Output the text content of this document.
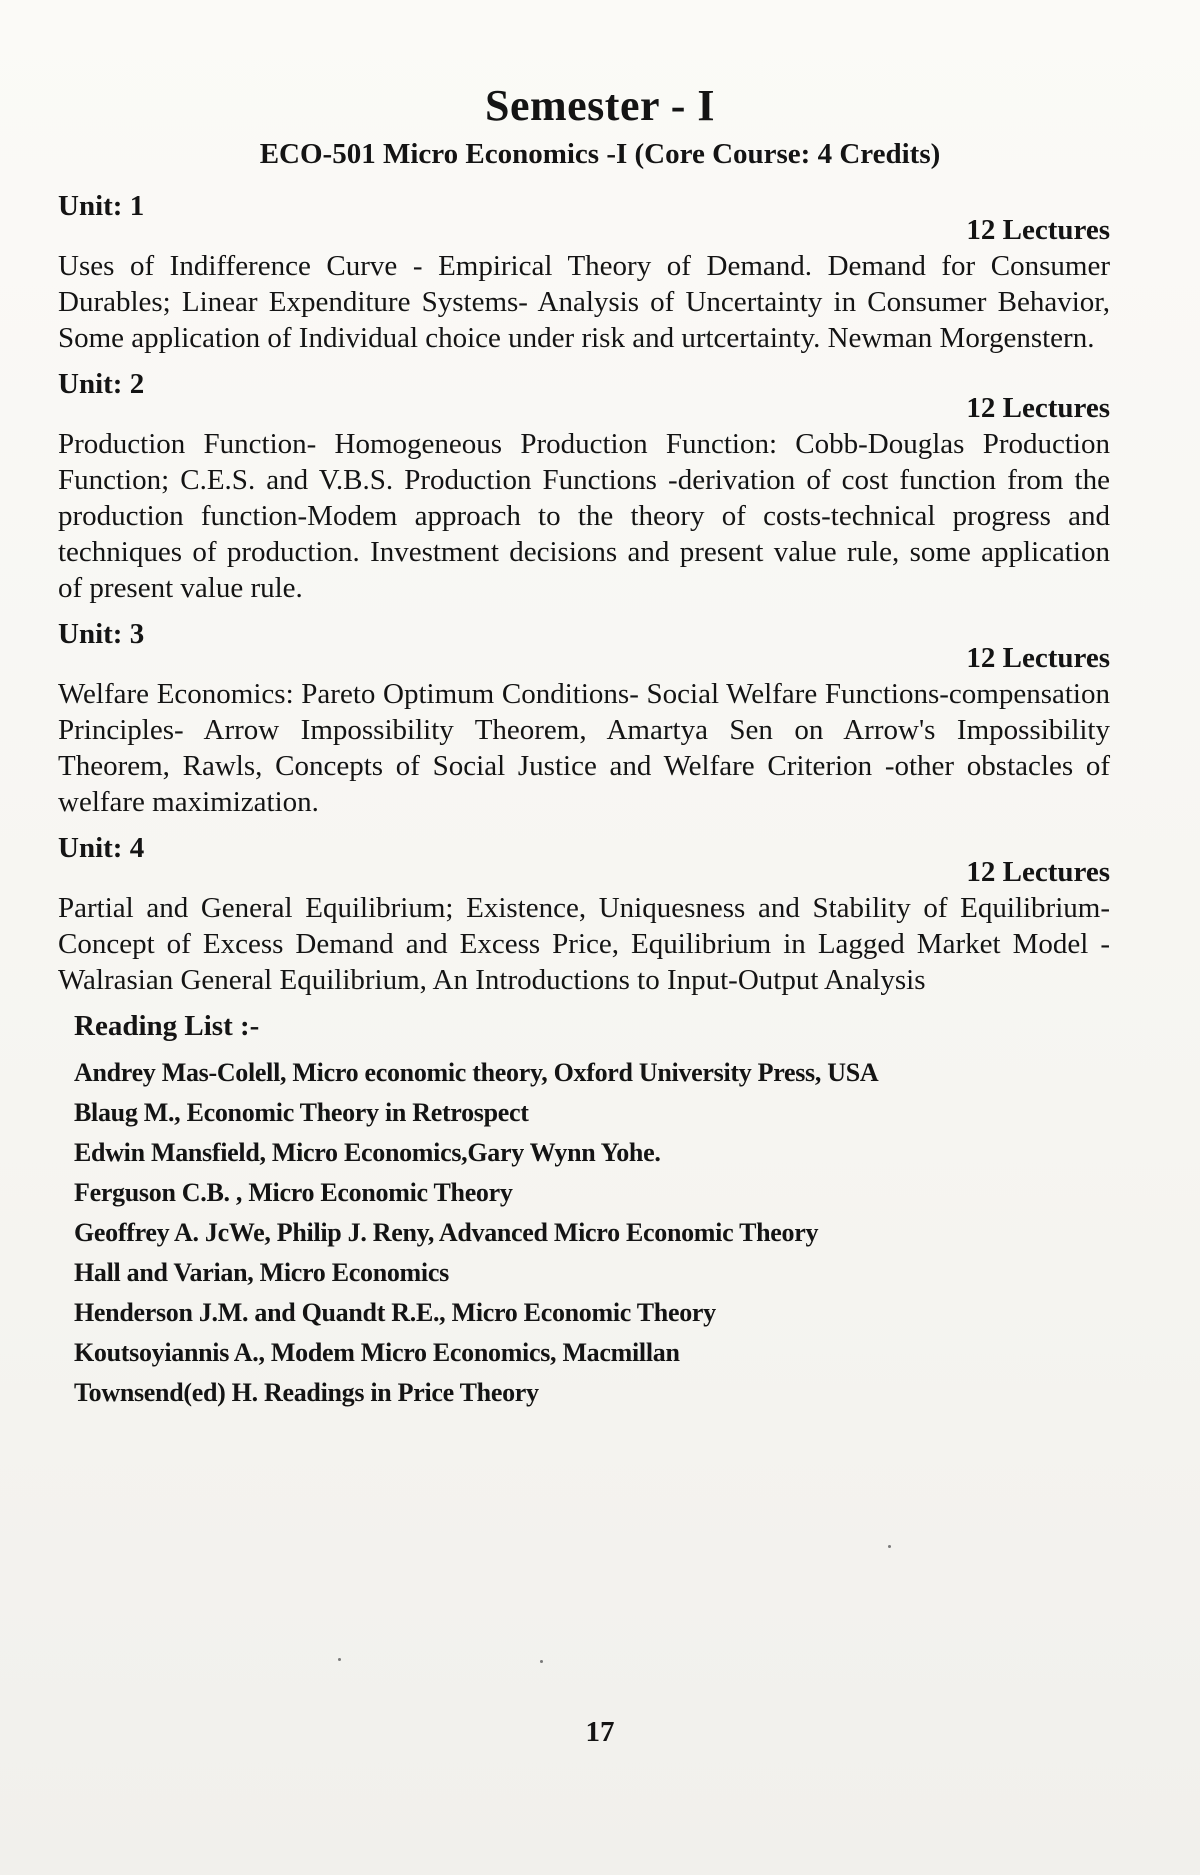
Semester - I
ECO-501 Micro Economics -I (Core Course: 4 Credits)
Unit: 1
12 Lectures
Uses of Indifference Curve - Empirical Theory of Demand. Demand for Consumer Durables; Linear Expenditure Systems- Analysis of Uncertainty in Consumer Behavior, Some application of Individual choice under risk and urtcertainty. Newman Morgenstern.
Unit: 2
12 Lectures
Production Function- Homogeneous Production Function: Cobb-Douglas Production Function; C.E.S. and V.B.S. Production Functions -derivation of cost function from the production function-Modem approach to the theory of costs-technical progress and techniques of production. Investment decisions and present value rule, some application of present value rule.
Unit: 3
12 Lectures
Welfare Economics: Pareto Optimum Conditions- Social Welfare Functions-compensation Principles- Arrow Impossibility Theorem, Amartya Sen on Arrow's Impossibility Theorem, Rawls, Concepts of Social Justice and Welfare Criterion -other obstacles of welfare maximization.
Unit: 4
12 Lectures
Partial and General Equilibrium; Existence, Uniquesness and Stability of Equilibrium- Concept of Excess Demand and Excess Price, Equilibrium in Lagged Market Model - Walrasian General Equilibrium, An Introductions to Input-Output Analysis
Reading List :-
Andrey Mas-Colell, Micro economic theory, Oxford University Press, USA
Blaug M., Economic Theory in Retrospect
Edwin Mansfield, Micro Economics,Gary Wynn Yohe.
Ferguson C.B. , Micro Economic Theory
Geoffrey A. JcWe, Philip J. Reny, Advanced Micro Economic Theory
Hall and Varian, Micro Economics
Henderson J.M. and Quandt R.E., Micro Economic Theory
Koutsoyiannis A., Modem Micro Economics, Macmillan
Townsend(ed) H. Readings in Price Theory
17
